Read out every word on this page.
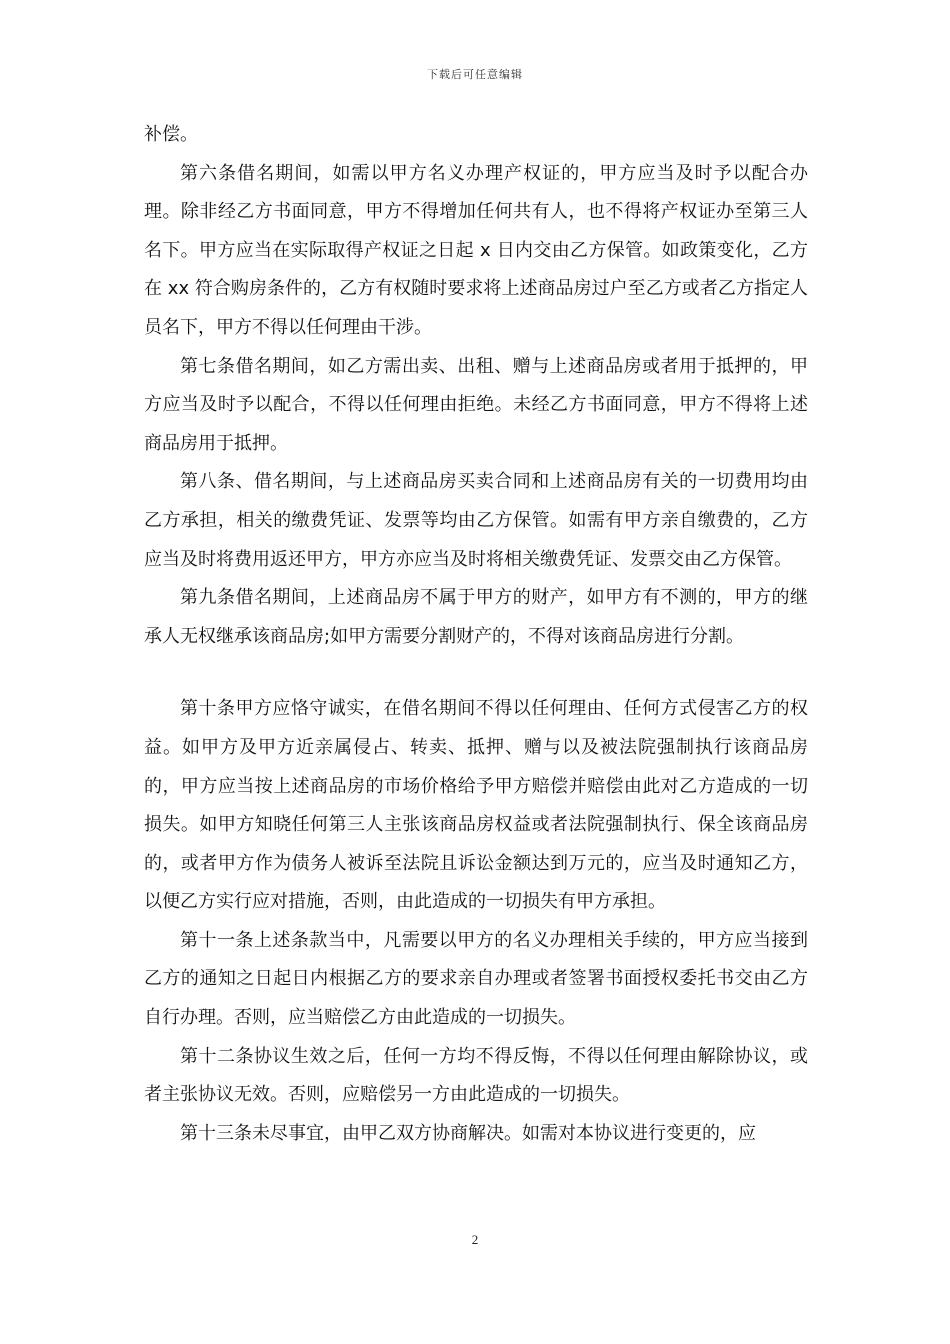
下载后可任意编辑

补偿。

第六条借名期间，如需以甲方名义办理产权证的，甲方应当及时予以配合办理。除非经乙方书面同意，甲方不得增加任何共有人，也不得将产权证办至第三人名下。甲方应当在实际取得产权证之日起 x 日内交由乙方保管。如政策变化，乙方在 xx 符合购房条件的，乙方有权随时要求将上述商品房过户至乙方或者乙方指定人员名下，甲方不得以任何理由干涉。

第七条借名期间，如乙方需出卖、出租、赠与上述商品房或者用于抵押的，甲方应当及时予以配合，不得以任何理由拒绝。未经乙方书面同意，甲方不得将上述商品房用于抵押。

第八条、借名期间，与上述商品房买卖合同和上述商品房有关的一切费用均由乙方承担，相关的缴费凭证、发票等均由乙方保管。如需有甲方亲自缴费的，乙方应当及时将费用返还甲方，甲方亦应当及时将相关缴费凭证、发票交由乙方保管。

第九条借名期间，上述商品房不属于甲方的财产，如甲方有不测的，甲方的继承人无权继承该商品房;如甲方需要分割财产的，不得对该商品房进行分割。

第十条甲方应恪守诚实，在借名期间不得以任何理由、任何方式侵害乙方的权益。如甲方及甲方近亲属侵占、转卖、抵押、赠与以及被法院强制执行该商品房的，甲方应当按上述商品房的市场价格给予甲方赔偿并赔偿由此对乙方造成的一切损失。如甲方知晓任何第三人主张该商品房权益或者法院强制执行、保全该商品房的，或者甲方作为债务人被诉至法院且诉讼金额达到万元的，应当及时通知乙方，以便乙方实行应对措施，否则，由此造成的一切损失有甲方承担。

第十一条上述条款当中，凡需要以甲方的名义办理相关手续的，甲方应当接到乙方的通知之日起日内根据乙方的要求亲自办理或者签署书面授权委托书交由乙方自行办理。否则，应当赔偿乙方由此造成的一切损失。

第十二条协议生效之后，任何一方均不得反悔，不得以任何理由解除协议，或者主张协议无效。否则，应赔偿另一方由此造成的一切损失。

第十三条未尽事宜，由甲乙双方协商解决。如需对本协议进行变更的，应

2
